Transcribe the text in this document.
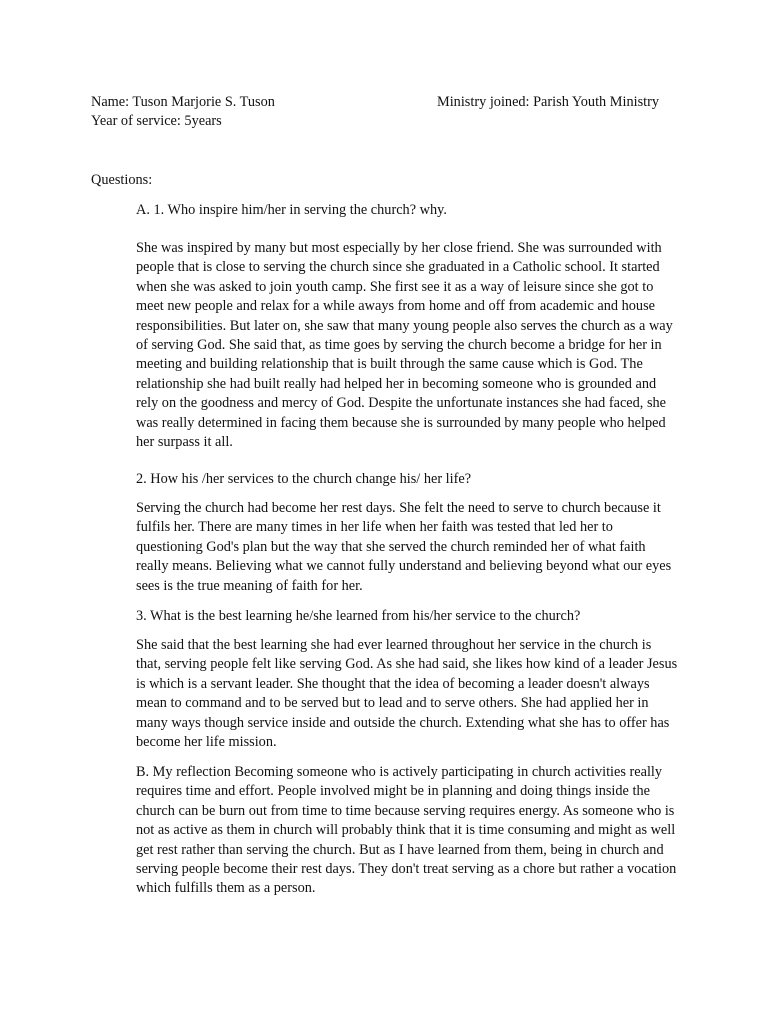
Name: Tuson Marjorie S. Tuson	Ministry joined: Parish Youth Ministry

Year of service: 5years

Questions:

A. 1. Who inspire him/her in serving the church? why.

She was inspired by many but most especially by her close friend. She was surrounded with people that is close to serving the church since she graduated in a Catholic school. It started when she was asked to join youth camp. She first see it as a way of leisure since she got to meet new people and relax for a while aways from home and off from academic and house responsibilities. But later on, she saw that many young people also serves the church as a way of serving God. She said that, as time goes by serving the church become a bridge for her in meeting and building relationship that is built through the same cause which is God. The relationship she had built really had helped her in becoming someone who is grounded and rely on the goodness and mercy of God. Despite the unfortunate instances she had faced, she was really determined in facing them because she is surrounded by many people who helped her surpass it all.

2. How his /her services to the church change his/ her life?

Serving the church had become her rest days. She felt the need to serve to church because it fulfils her. There are many times in her life when her faith was tested that led her to questioning God's plan but the way that she served the church reminded her of what faith really means. Believing what we cannot fully understand and believing beyond what our eyes sees is the true meaning of faith for her.

3. What is the best learning he/she learned from his/her service to the church?

She said that the best learning she had ever learned throughout her service in the church is that, serving people felt like serving God. As she had said, she likes how kind of a leader Jesus is which is a servant leader. She thought that the idea of becoming a leader doesn't always mean to command and to be served but to lead and to serve others. She had applied her in many ways though service inside and outside the church. Extending what she has to offer has become her life mission.

B. My reflection Becoming someone who is actively participating in church activities really requires time and effort. People involved might be in planning and doing things inside the church can be burn out from time to time because serving requires energy. As someone who is not as active as them in church will probably think that it is time consuming and might as well get rest rather than serving the church. But as I have learned from them, being in church and serving people become their rest days. They don't treat serving as a chore but rather a vocation which fulfills them as a person.
